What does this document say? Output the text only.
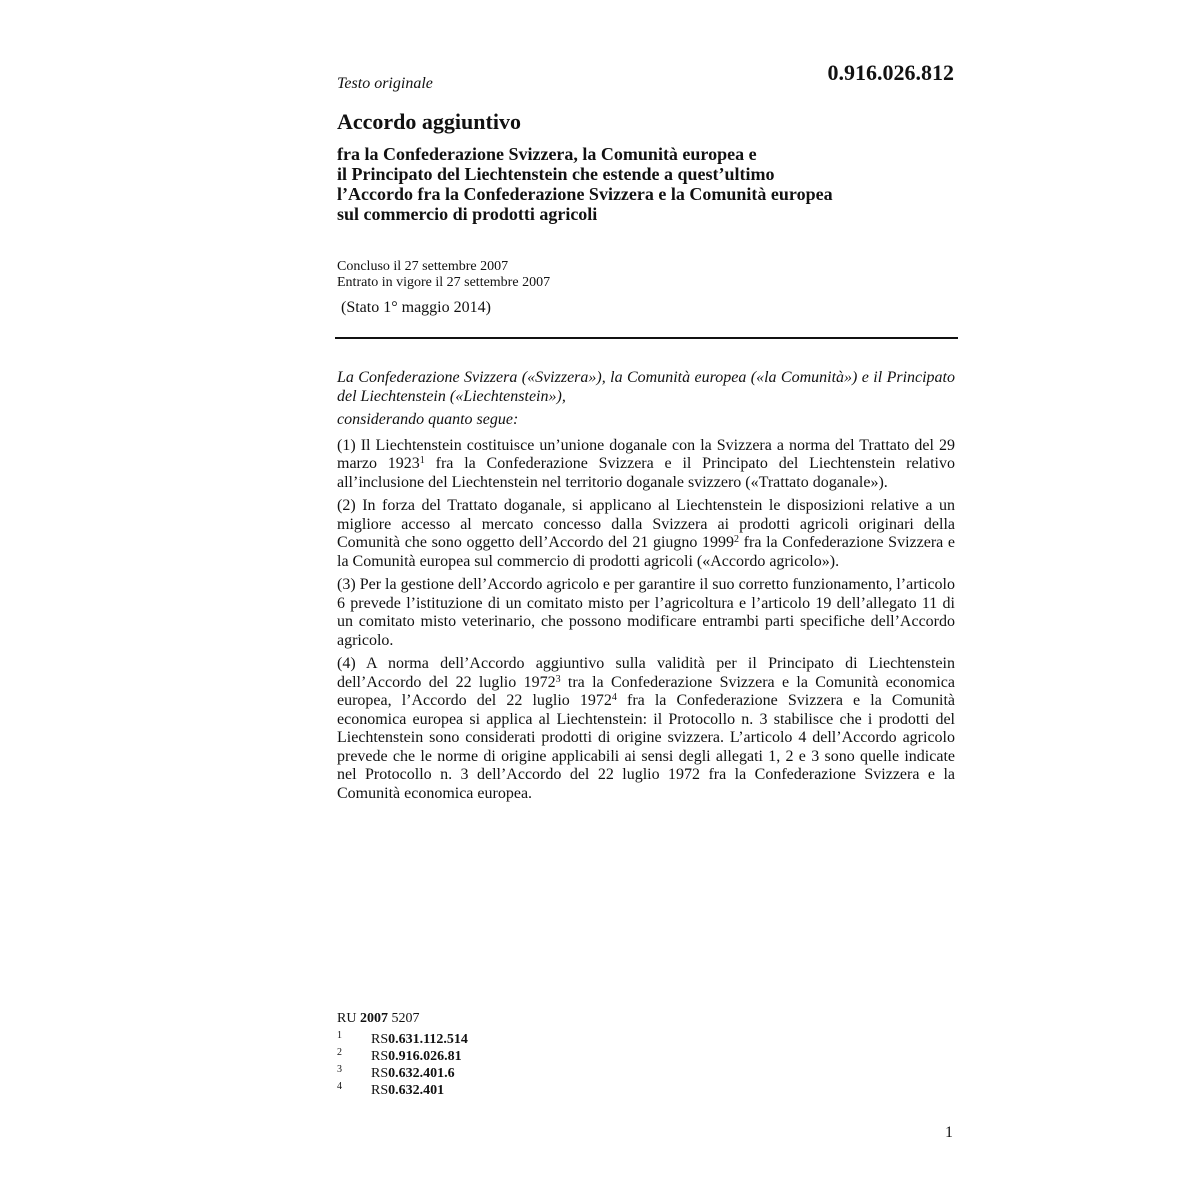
Testo originale	0.916.026.812
Accordo aggiuntivo
fra la Confederazione Svizzera, la Comunità europea e
il Principato del Liechtenstein che estende a quest’ultimo
l’Accordo fra la Confederazione Svizzera e la Comunità europea
sul commercio di prodotti agricoli
Concluso il 27 settembre 2007
Entrato in vigore il 27 settembre 2007
(Stato 1° maggio 2014)

La Confederazione Svizzera («Svizzera»), la Comunità europea («la Comunità») e il Principato del Liechtenstein («Liechtenstein»),

considerando quanto segue:

(1) Il Liechtenstein costituisce un’unione doganale con la Svizzera a norma del Trattato del 29 marzo 1923$^1$ fra la Confederazione Svizzera e il Principato del Liechtenstein relativo all’inclusione del Liechtenstein nel territorio doganale svizzero («Trattato doganale»).

(2) In forza del Trattato doganale, si applicano al Liechtenstein le disposizioni relative a un migliore accesso al mercato concesso dalla Svizzera ai prodotti agricoli originari della Comunità che sono oggetto dell’Accordo del 21 giugno 1999$^2$ fra la Confederazione Svizzera e la Comunità europea sul commercio di prodotti agricoli («Accordo agricolo»).

(3) Per la gestione dell’Accordo agricolo e per garantire il suo corretto funzionamento, l’articolo 6 prevede l’istituzione di un comitato misto per l’agricoltura e l’articolo 19 dell’allegato 11 di un comitato misto veterinario, che possono modificare entrambi parti specifiche dell’Accordo agricolo.

(4) A norma dell’Accordo aggiuntivo sulla validità per il Principato di Liechtenstein dell’Accordo del 22 luglio 1972$^3$ tra la Confederazione Svizzera e la Comunità economica europea, l’Accordo del 22 luglio 1972$^4$ fra la Confederazione Svizzera e la Comunità economica europea si applica al Liechtenstein: il Protocollo n. 3 stabilisce che i prodotti del Liechtenstein sono considerati prodotti di origine svizzera. L’articolo 4 dell’Accordo agricolo prevede che le norme di origine applicabili ai sensi degli allegati 1, 2 e 3 sono quelle indicate nel Protocollo n. 3 dell’Accordo del 22 luglio 1972 fra la Confederazione Svizzera e la Comunità economica europea.

RU 2007 5207
1	RS 0.631.112.514
2	RS 0.916.026.81
3	RS 0.632.401.6
4	RS 0.632.401
1
